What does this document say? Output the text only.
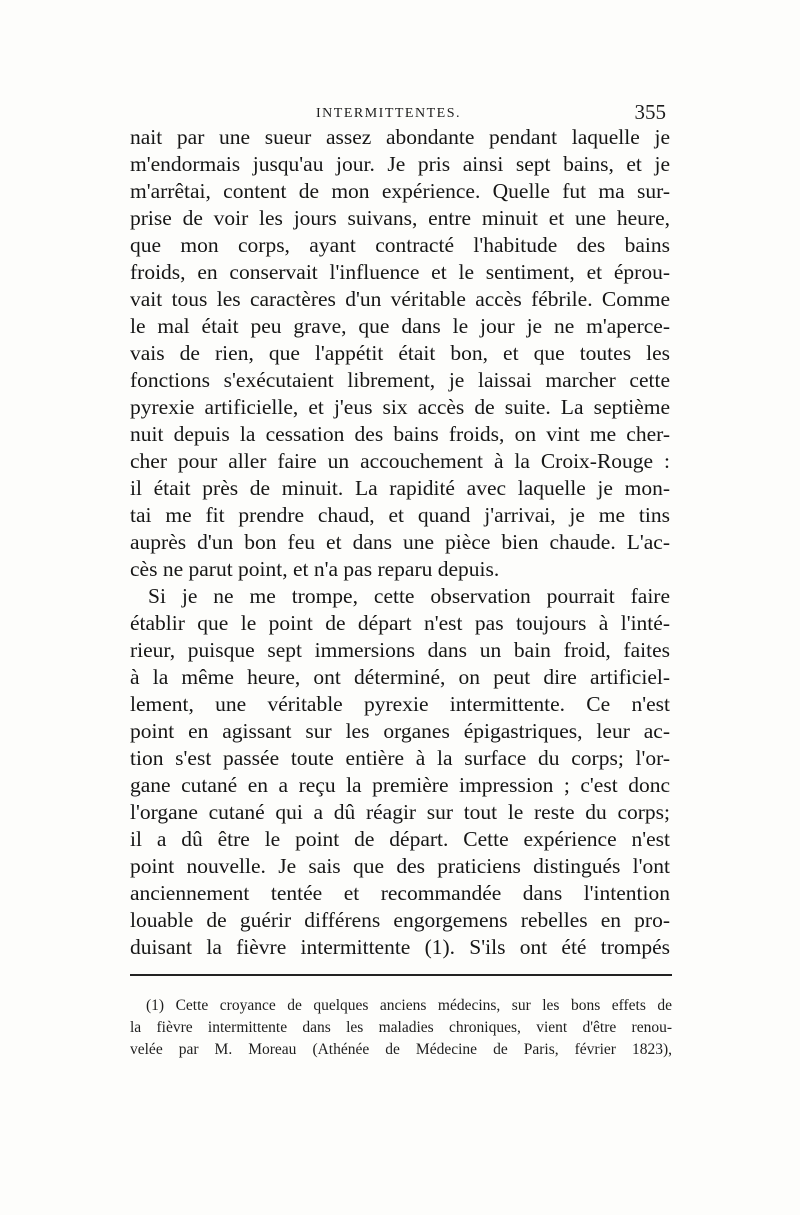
INTERMITTENTES.	355
nait par une sueur assez abondante pendant laquelle je
m'endormais jusqu'au jour. Je pris ainsi sept bains, et je
m'arrêtai, content de mon expérience. Quelle fut ma sur-
prise de voir les jours suivans, entre minuit et une heure,
que mon corps, ayant contracté l'habitude des bains
froids, en conservait l'influence et le sentiment, et éprou-
vait tous les caractères d'un véritable accès fébrile. Comme
le mal était peu grave, que dans le jour je ne m'aperce-
vais de rien, que l'appétit était bon, et que toutes les
fonctions s'exécutaient librement, je laissai marcher cette
pyrexie artificielle, et j'eus six accès de suite. La septième
nuit depuis la cessation des bains froids, on vint me cher-
cher pour aller faire un accouchement à la Croix-Rouge :
il était près de minuit. La rapidité avec laquelle je mon-
tai me fit prendre chaud, et quand j'arrivai, je me tins
auprès d'un bon feu et dans une pièce bien chaude. L'ac-
cès ne parut point, et n'a pas reparu depuis.
Si je ne me trompe, cette observation pourrait faire
établir que le point de départ n'est pas toujours à l'inté-
rieur, puisque sept immersions dans un bain froid, faites
à la même heure, ont déterminé, on peut dire artificiel-
lement, une véritable pyrexie intermittente. Ce n'est
point en agissant sur les organes épigastriques, leur ac-
tion s'est passée toute entière à la surface du corps; l'or-
gane cutané en a reçu la première impression ; c'est donc
l'organe cutané qui a dû réagir sur tout le reste du corps;
il a dû être le point de départ. Cette expérience n'est
point nouvelle. Je sais que des praticiens distingués l'ont
anciennement tentée et recommandée dans l'intention
louable de guérir différens engorgemens rebelles en pro-
duisant la fièvre intermittente (1). S'ils ont été trompés
(1) Cette croyance de quelques anciens médecins, sur les bons effets de
la fièvre intermittente dans les maladies chroniques, vient d'être renou-
velée par M. Moreau (Athénée de Médecine de Paris, février 1823),
